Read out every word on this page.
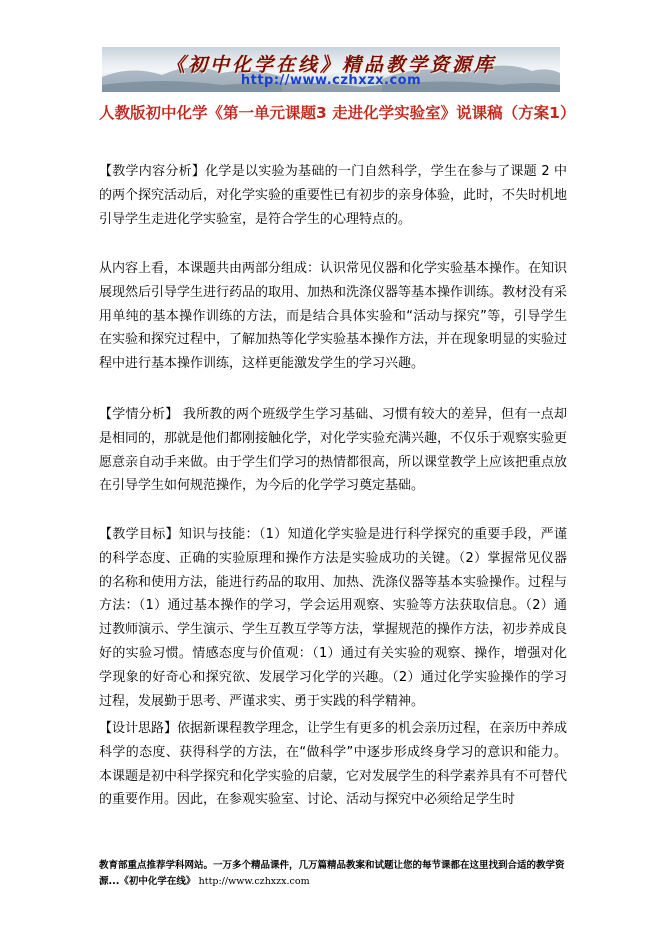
《初中化学在线》精品教学资源库
http://www.czhxzx.com
人教版初中化学《第一单元课题3 走进化学实验室》说课稿（方案1）

【教学内容分析】化学是以实验为基础的一门自然科学，学生在参与了课题 2 中的两个探究活动后，对化学实验的重要性已有初步的亲身体验，此时，不失时机地引导学生走进化学实验室，是符合学生的心理特点的。

从内容上看，本课题共由两部分组成：认识常见仪器和化学实验基本操作。在知识展现然后引导学生进行药品的取用、加热和洗涤仪器等基本操作训练。教材没有采用单纯的基本操作训练的方法，而是结合具体实验和“活动与探究”等，引导学生在实验和探究过程中，了解加热等化学实验基本操作方法，并在现象明显的实验过程中进行基本操作训练，这样更能激发学生的学习兴趣。

【学情分析】 我所教的两个班级学生学习基础、习惯有较大的差异，但有一点却是相同的，那就是他们都刚接触化学，对化学实验充满兴趣，不仅乐于观察实验更愿意亲自动手来做。由于学生们学习的热情都很高，所以课堂教学上应该把重点放在引导学生如何规范操作，为今后的化学学习奠定基础。

【教学目标】知识与技能：（1）知道化学实验是进行科学探究的重要手段，严谨的科学态度、正确的实验原理和操作方法是实验成功的关键。（2）掌握常见仪器的名称和使用方法，能进行药品的取用、加热、洗涤仪器等基本实验操作。过程与方法：（1）通过基本操作的学习，学会运用观察、实验等方法获取信息。（2）通过教师演示、学生演示、学生互教互学等方法，掌握规范的操作方法，初步养成良好的实验习惯。情感态度与价值观：（1）通过有关实验的观察、操作，增强对化学现象的好奇心和探究欲、发展学习化学的兴趣。（2）通过化学实验操作的学习过程，发展勤于思考、严谨求实、勇于实践的科学精神。

【设计思路】依据新课程教学理念，让学生有更多的机会亲历过程，在亲历中养成科学的态度、获得科学的方法，在“做科学”中逐步形成终身学习的意识和能力。本课题是初中科学探究和化学实验的启蒙，它对发展学生的科学素养具有不可替代的重要作用。因此，在参观实验室、讨论、活动与探究中必须给足学生时

教育部重点推荐学科网站。一万多个精品课件，几万篇精品教案和试题让您的每节课都在这里找到合适的教学资源...《初中化学在线》 http://www.czhxzx.com
